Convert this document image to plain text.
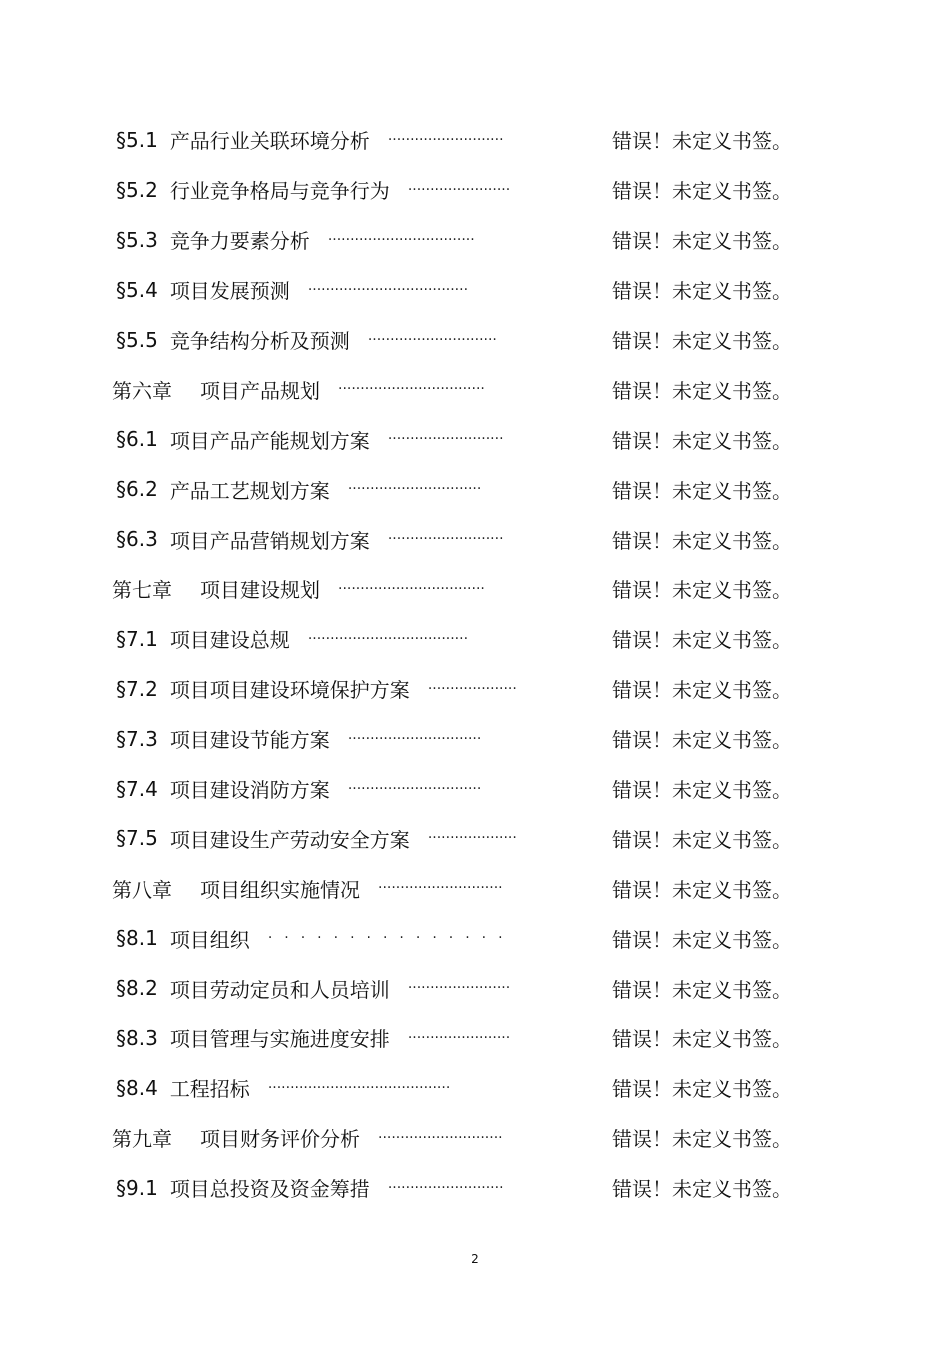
§5.1 产品行业关联环境分析 ··························	错误！未定义书签。
§5.2 行业竞争格局与竞争行为 ·······················	错误！未定义书签。
§5.3 竞争力要素分析 ·································	错误！未定义书签。
§5.4 项目发展预测 ····································	错误！未定义书签。
§5.5 竞争结构分析及预测 ·····························	错误！未定义书签。
第六章 项目产品规划 ·································	错误！未定义书签。
§6.1 项目产品产能规划方案 ··························	错误！未定义书签。
§6.2 产品工艺规划方案 ······························	错误！未定义书签。
§6.3 项目产品营销规划方案 ··························	错误！未定义书签。
第七章 项目建设规划 ·································	错误！未定义书签。
§7.1 项目建设总规 ····································	错误！未定义书签。
§7.2 项目项目建设环境保护方案 ····················	错误！未定义书签。
§7.3 项目建设节能方案 ······························	错误！未定义书签。
§7.4 项目建设消防方案 ······························	错误！未定义书签。
§7.5 项目建设生产劳动安全方案 ····················	错误！未定义书签。
第八章 项目组织实施情况 ····························	错误！未定义书签。
§8.1 项目组织 ···············	错误！未定义书签。
§8.2 项目劳动定员和人员培训 ·······················	错误！未定义书签。
§8.3 项目管理与实施进度安排 ·······················	错误！未定义书签。
§8.4 工程招标 ·········································	错误！未定义书签。
第九章 项目财务评价分析 ····························	错误！未定义书签。
§9.1 项目总投资及资金筹措 ··························	错误！未定义书签。
2
